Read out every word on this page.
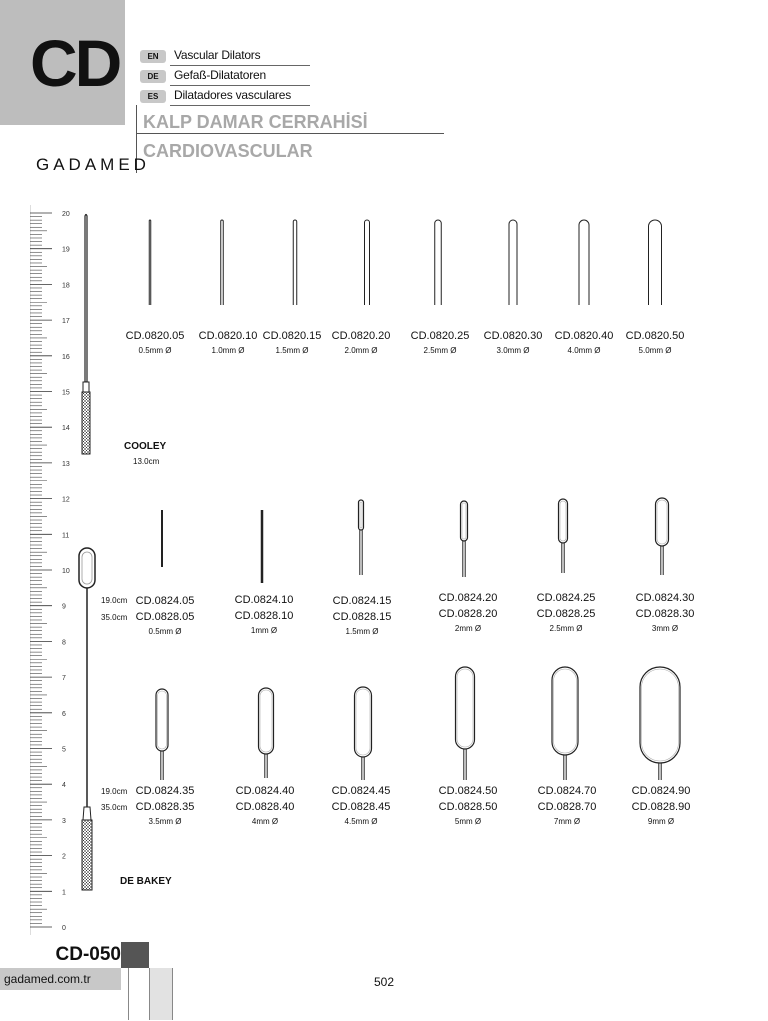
CD	EN	Vascular Dilators
DE	Gefaß-Dilatatoren
ES	Dilatadores vasculares
KALP DAMAR CERRAHİSİ
CARDIOVASCULAR
GADAMED
20
19
18
17
16
15
14
13
12
11
10
9
8
7
6
5
4
3
2
1
0
CD.0820.05
0.5mm Ø
CD.0820.10
1.0mm Ø
CD.0820.15
1.5mm Ø
CD.0820.20
2.0mm Ø
CD.0820.25
2.5mm Ø
CD.0820.30
3.0mm Ø
CD.0820.40
4.0mm Ø
CD.0820.50
5.0mm Ø
COOLEY
13.0cm
19.0cm
35.0cm
CD.0824.05
CD.0828.05
0.5mm Ø
CD.0824.10
CD.0828.10
1mm Ø
CD.0824.15
CD.0828.15
1.5mm Ø
CD.0824.20
CD.0828.20
2mm Ø
CD.0824.25
CD.0828.25
2.5mm Ø
CD.0824.30
CD.0828.30
3mm Ø
19.0cm
35.0cm
CD.0824.35
CD.0828.35
3.5mm Ø
CD.0824.40
CD.0828.40
4mm Ø
CD.0824.45
CD.0828.45
4.5mm Ø
CD.0824.50
CD.0828.50
5mm Ø
CD.0824.70
CD.0828.70
7mm Ø
CD.0824.90
CD.0828.90
9mm Ø
DE BAKEY
CD-050
gadamed.com.tr	502
